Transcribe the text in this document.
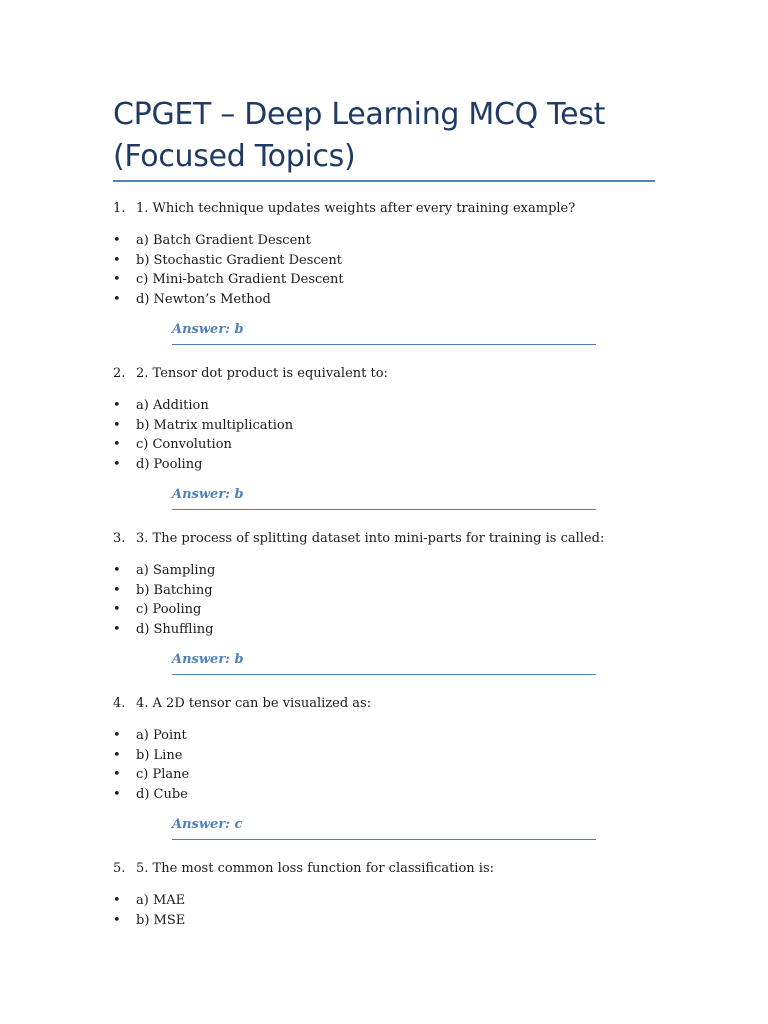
CPGET – Deep Learning MCQ Test (Focused Topics)
1. 1. Which technique updates weights after every training example?
• a) Batch Gradient Descent
• b) Stochastic Gradient Descent
• c) Mini-batch Gradient Descent
• d) Newton’s Method
Answer: b
2. 2. Tensor dot product is equivalent to:
• a) Addition
• b) Matrix multiplication
• c) Convolution
• d) Pooling
Answer: b
3. 3. The process of splitting dataset into mini-parts for training is called:
• a) Sampling
• b) Batching
• c) Pooling
• d) Shuffling
Answer: b
4. 4. A 2D tensor can be visualized as:
• a) Point
• b) Line
• c) Plane
• d) Cube
Answer: c
5. 5. The most common loss function for classification is:
• a) MAE
• b) MSE
